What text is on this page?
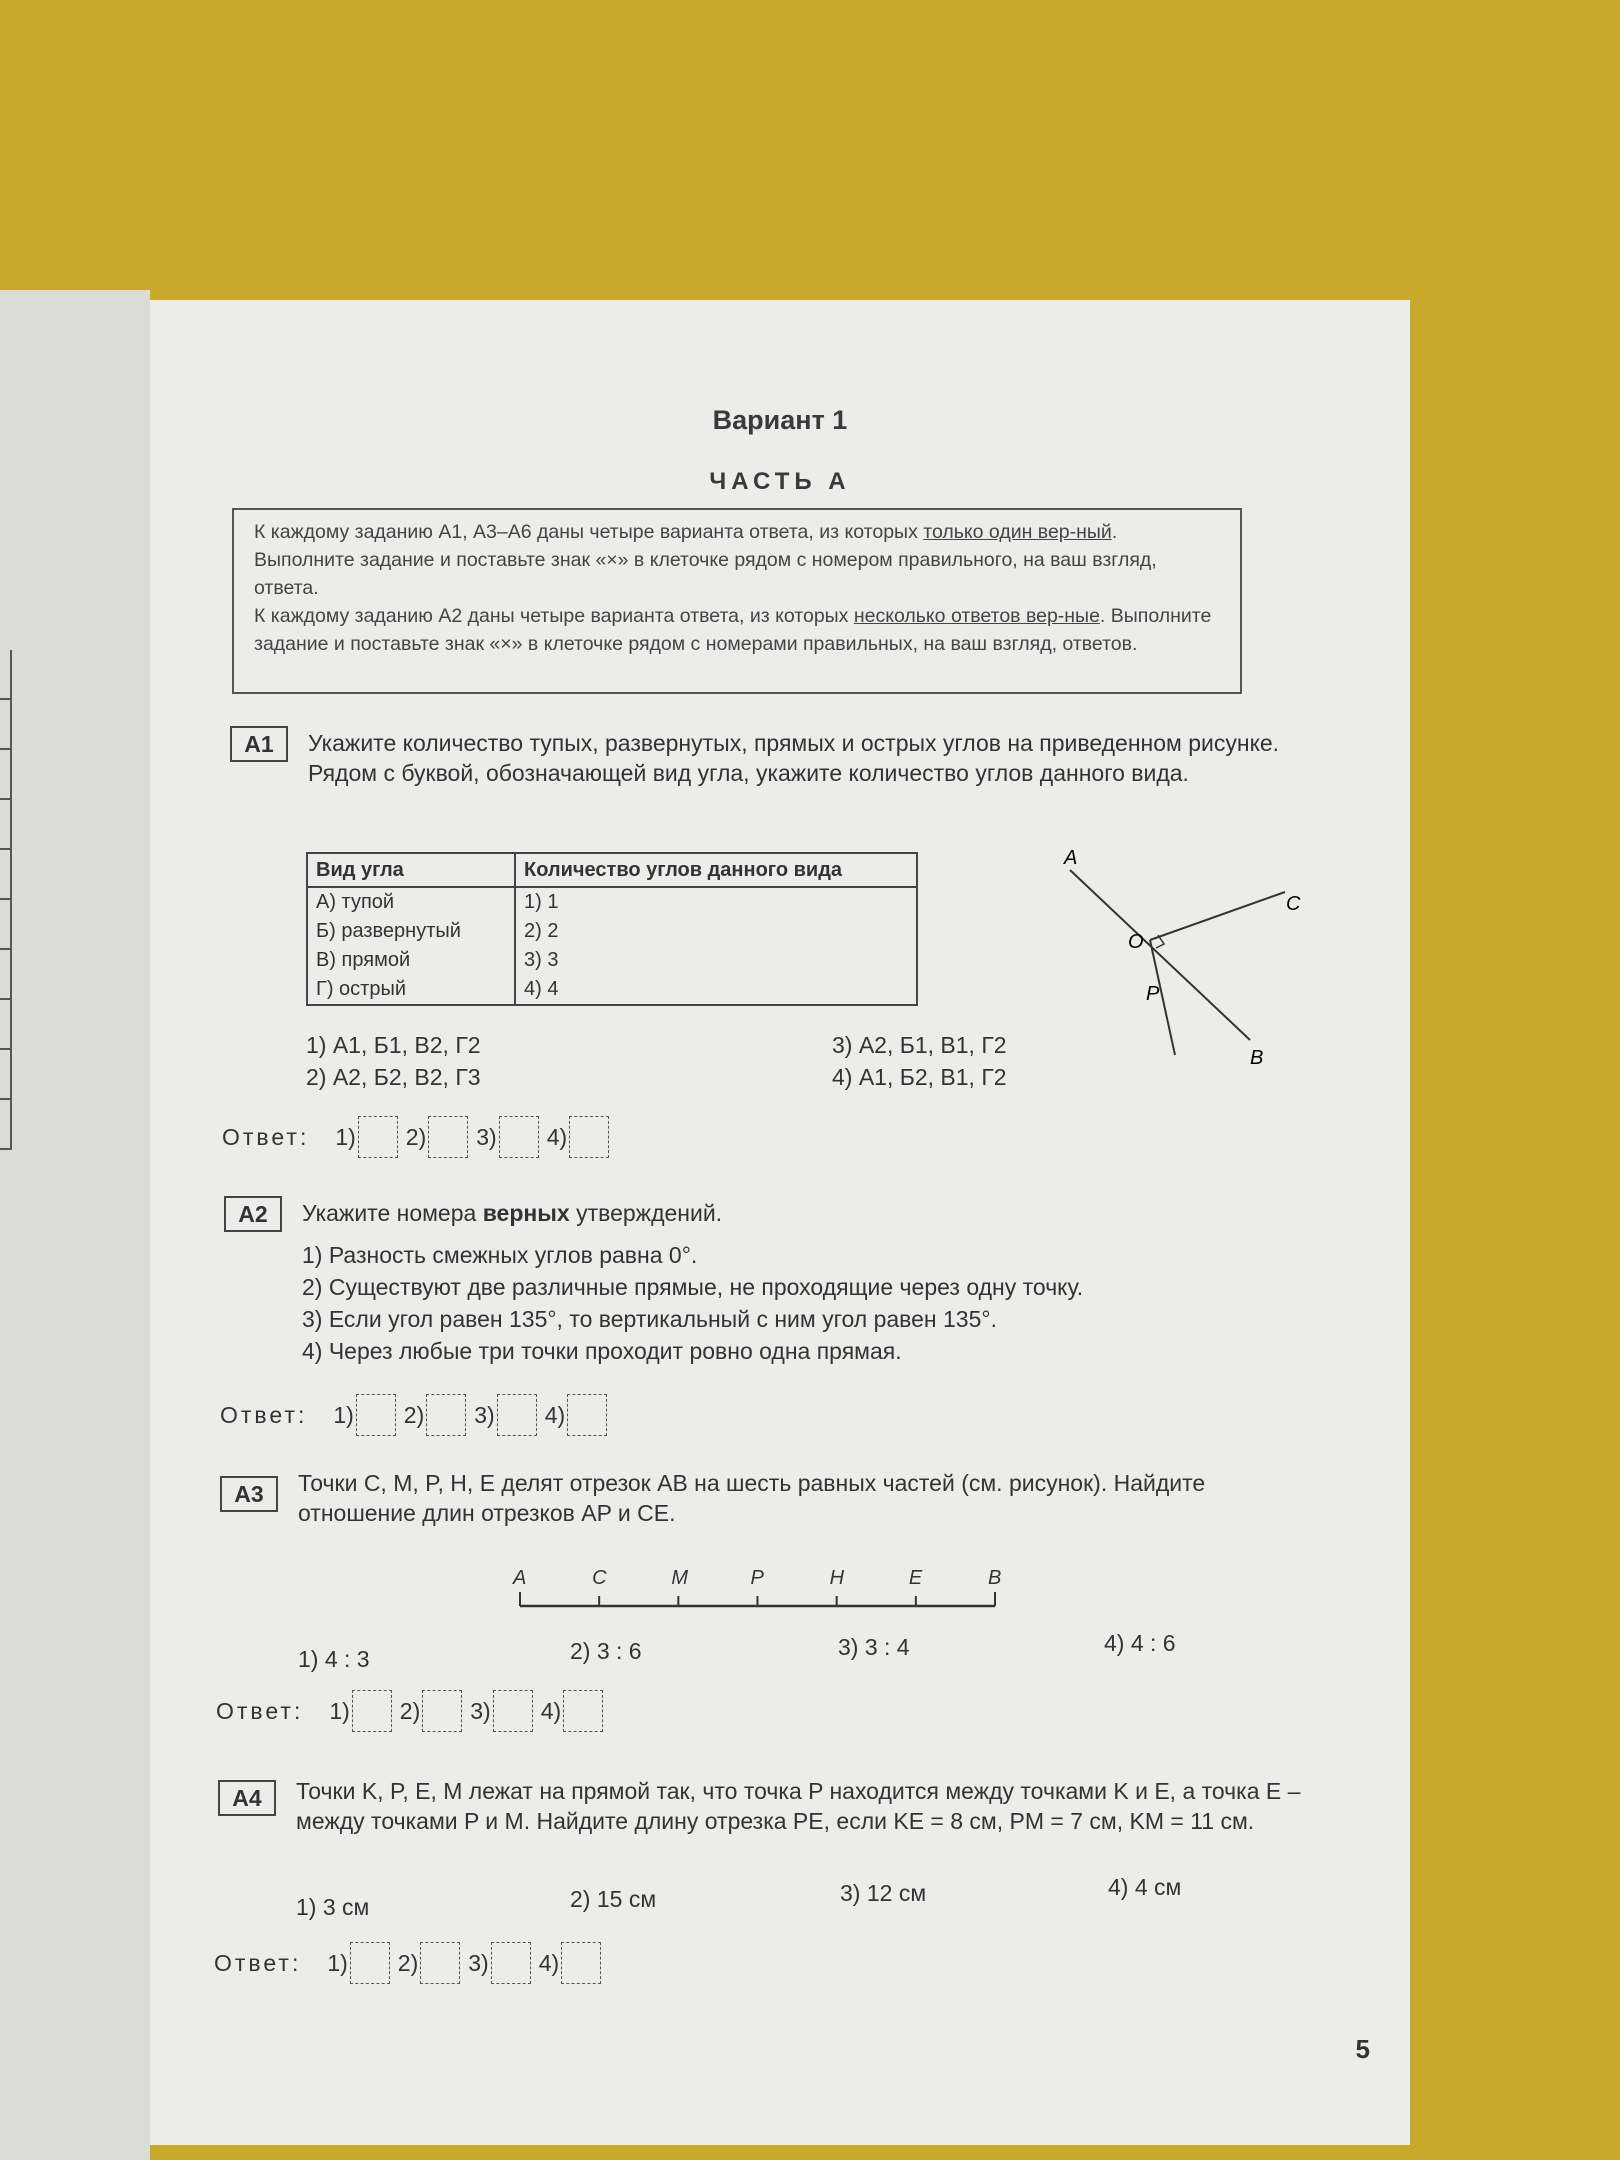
Вариант 1
ЧАСТЬ А
К каждому заданию А1, А3–А6 даны четыре варианта ответа, из которых только один вер-ный. Выполните задание и поставьте знак «×» в клеточке рядом с номером правильного, на ваш взгляд, ответа.
К каждому заданию А2 даны четыре варианта ответа, из которых несколько ответов вер-ные. Выполните задание и поставьте знак «×» в клеточке рядом с номерами правильных, на ваш взгляд, ответов.
А1	Укажите количество тупых, развернутых, прямых и острых углов на приведенном рисунке. Рядом с буквой, обозначающей вид угла, укажите количество углов данного вида.
Вид угла	Количество углов данного вида
А) тупой	1) 1
Б) развернутый	2) 2
В) прямой	3) 3
Г) острый	4) 4
A
C
O
P
B
1) А1, Б1, В2, Г2
2) А2, Б2, В2, Г3
3) А2, Б1, В1, Г2
4) А1, Б2, В1, Г2
Ответ: 1) 2) 3) 4)
А2	Укажите номера верных утверждений.
1) Разность смежных углов равна 0°.
2) Существуют две различные прямые, не проходящие через одну точку.
3) Если угол равен 135°, то вертикальный с ним угол равен 135°.
4) Через любые три точки проходит ровно одна прямая.
Ответ: 1) 2) 3) 4)
А3	Точки C, M, P, H, E делят отрезок AB на шесть равных частей (см. рисунок). Найдите отношение длин отрезков AP и CE.
A	C	M	P	H	E	B
1) 4 : 3	2) 3 : 6	3) 3 : 4	4) 4 : 6
Ответ: 1) 2) 3) 4)
А4	Точки K, P, E, M лежат на прямой так, что точка P находится между точками K и E, а точка E – между точками P и M. Найдите длину отрезка PE, если KE = 8 см, PM = 7 см, KM = 11 см.
1) 3 см	2) 15 см	3) 12 см	4) 4 см
Ответ: 1) 2) 3) 4)
5
